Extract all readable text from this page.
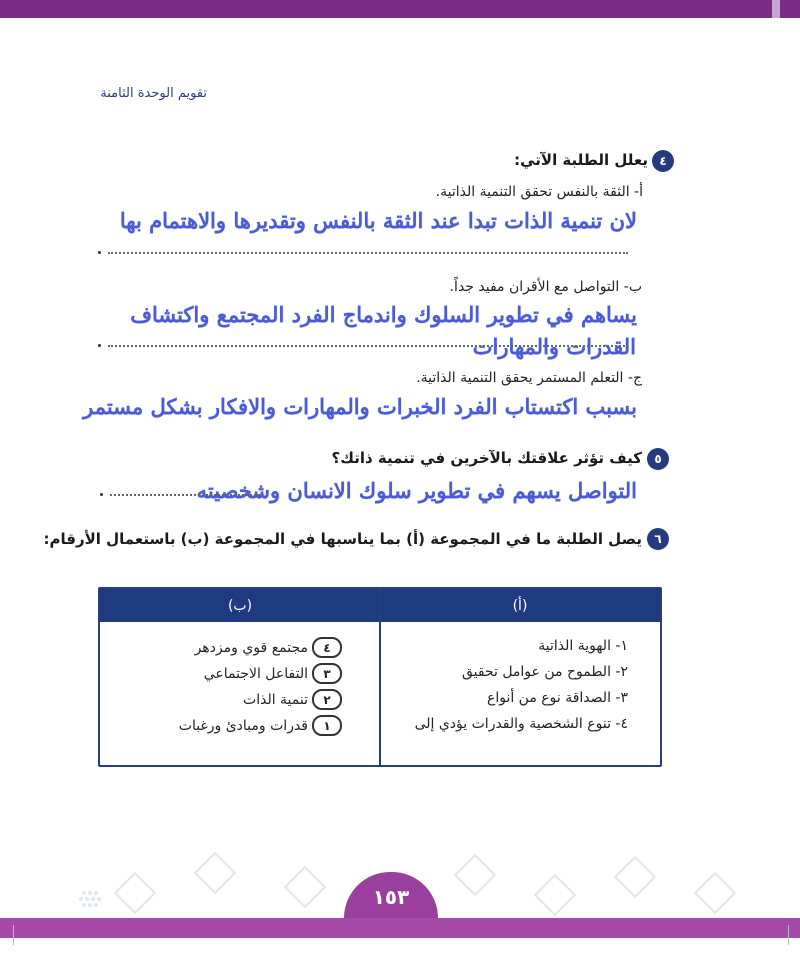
تقويم الوحدة الثامنة
٤
يعلل الطلبة الآتي:
أ- الثقة بالنفس تحقق التنمية الذاتية.
لان تنمية الذات تبدا عند الثقة بالنفس وتقديرها والاهتمام بها
ب- التواصل مع الأقران مفيد جداً.
يساهم في تطوير السلوك واندماج الفرد المجتمع واكتشاف
القدرات والمهارات
ج- التعلم المستمر يحقق التنمية الذاتية.
بسبب اكتستاب الفرد الخبرات والمهارات والافكار بشكل مستمر
٥
كيف تؤثر علاقتك بالآخرين في تنمية ذاتك؟
التواصل يسهم في تطوير سلوك الانسان وشخصيته
٦
يصل الطلبة ما في المجموعة (أ) بما يناسبها في المجموعة (ب) باستعمال الأرقام:
(ب)	(أ)
١- الهوية الذاتية
٢- الطموح من عوامل تحقيق
٣- الصداقة نوع من أنواع
٤- تنوع الشخصية والقدرات يؤدي إلى
٤
مجتمع قوي ومزدهر
٣
التفاعل الاجتماعي
٢
تنمية الذات
١
قدرات ومبادئ ورغبات
١٥٣
